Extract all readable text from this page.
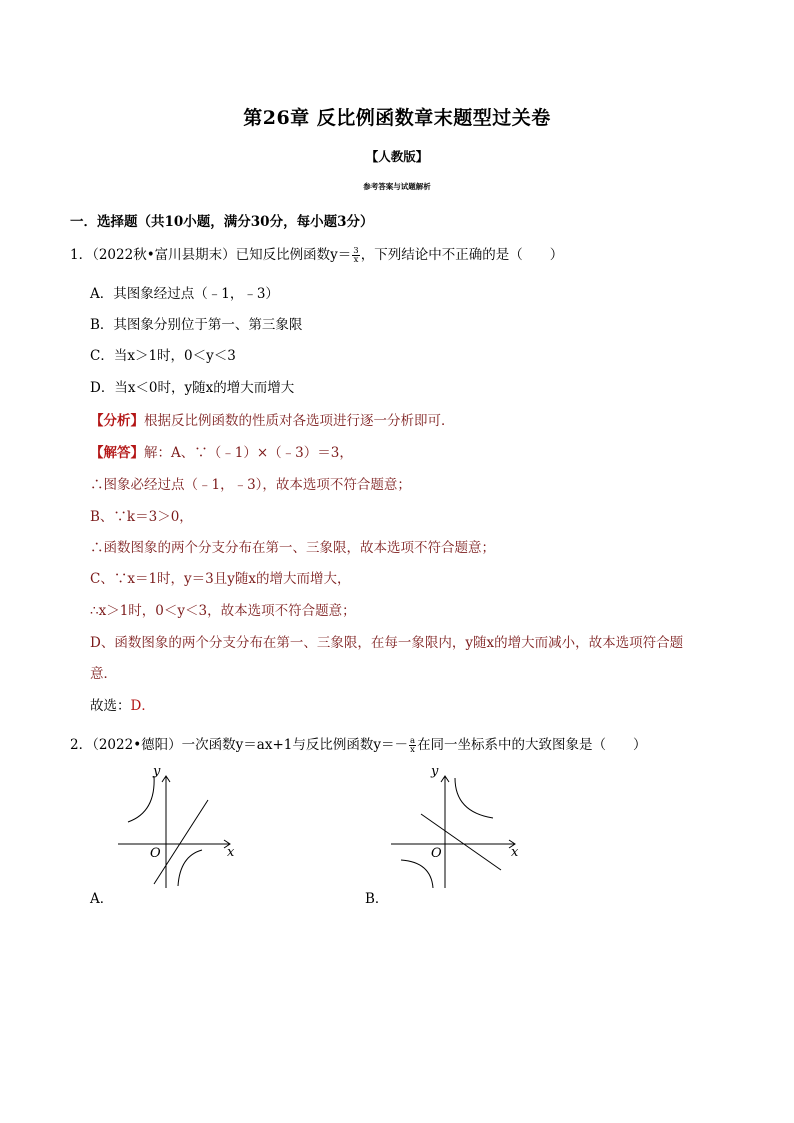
第26章 反比例函数章末题型过关卷
【人教版】
参考答案与试题解析
一．选择题（共10小题，满分30分，每小题3分）
1．（2022秋•富川县期末）已知反比例函数$y= \frac{3}{x}$ ，下列结论中不正确的是（　　）
A．其图象经过点（﹣1，﹣3）
B．其图象分别位于第一、第三象限
C．当x＞1时，0＜y＜3
D．当x＜0时，y随x的增大而增大
【分析】根据反比例函数的性质对各选项进行逐一分析即可．
【解答】解：A、∵（﹣1）×（﹣3）＝3，
∴图象必经过点（﹣1，﹣3），故本选项不符合题意；
B、∵k＝3＞0，
∴函数图象的两个分支分布在第一、三象限，故本选项不符合题意；
C、∵x＝1时，y＝3且y随x的增大而增大，
∴x＞1时，0＜y＜3，故本选项不符合题意；
D、函数图象的两个分支分布在第一、三象限，在每一象限内，y随x的增大而减小，故本选项符合题
意．
故选：D．
2．（2022•德阳）一次函数y＝ax+1与反比例函数$y=- \frac{a}{x}$ 在同一坐标系中的大致图象是（　　）
y
x
O
A．
y
x
O
B．
